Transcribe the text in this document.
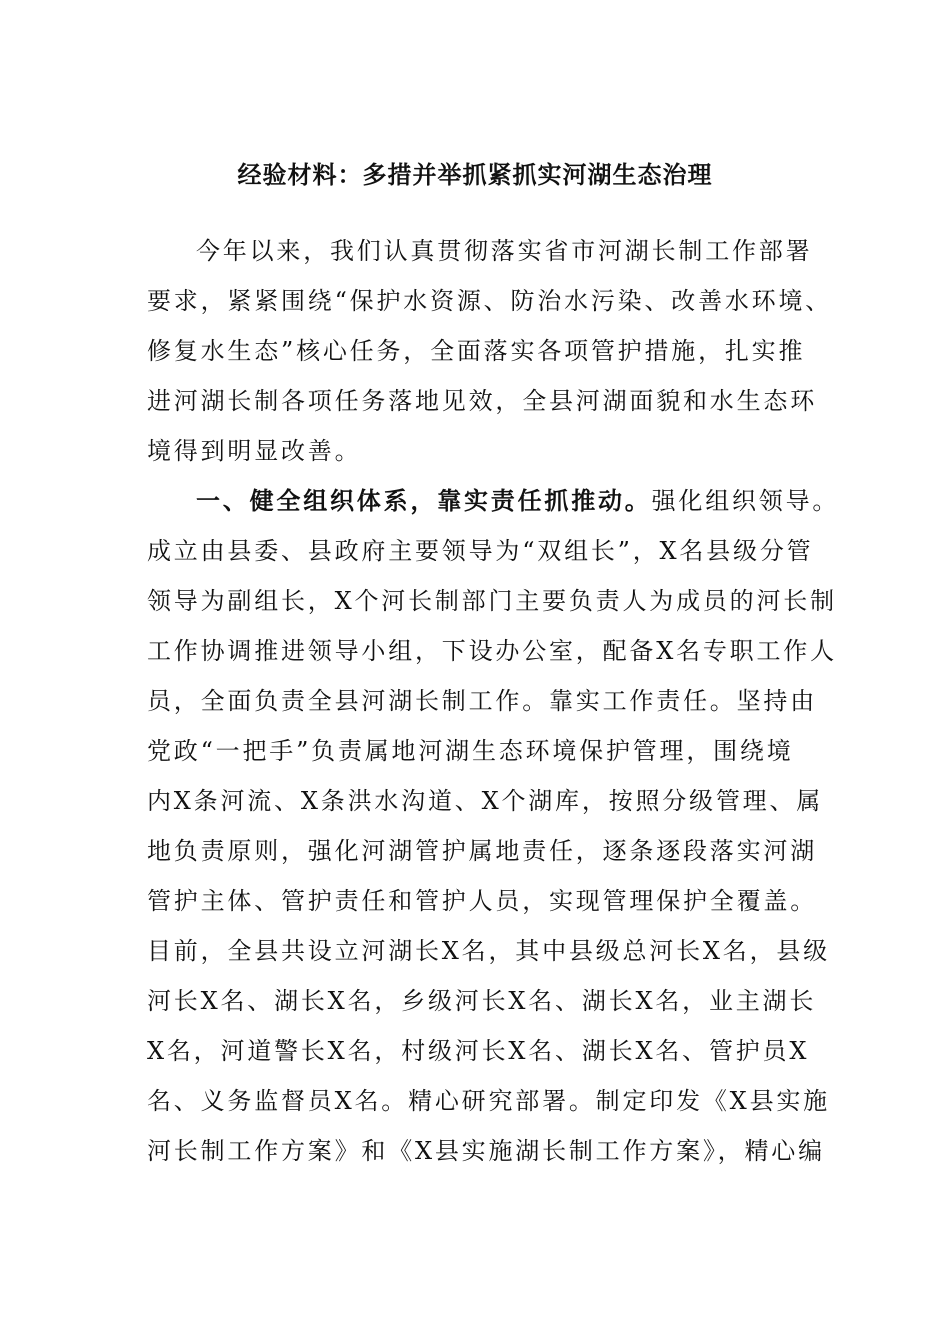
经验材料：多措并举抓紧抓实河湖生态治理
今年以来，我们认真贯彻落实省市河湖长制工作部署
要求，紧紧围绕“保护水资源、防治水污染、改善水环境、
修复水生态”核心任务，全面落实各项管护措施，扎实推
进河湖长制各项任务落地见效，全县河湖面貌和水生态环
境得到明显改善。
一、健全组织体系，靠实责任抓推动。强化组织领导。
成立由县委、县政府主要领导为“双组长”，X名县级分管
领导为副组长，X个河长制部门主要负责人为成员的河长制
工作协调推进领导小组，下设办公室，配备X名专职工作人
员，全面负责全县河湖长制工作。靠实工作责任。坚持由
党政“一把手”负责属地河湖生态环境保护管理，围绕境
内X条河流、X条洪水沟道、X个湖库，按照分级管理、属
地负责原则，强化河湖管护属地责任，逐条逐段落实河湖
管护主体、管护责任和管护人员，实现管理保护全覆盖。
目前，全县共设立河湖长X名，其中县级总河长X名，县级
河长X名、湖长X名，乡级河长X名、湖长X名，业主湖长
X名，河道警长X名，村级河长X名、湖长X名、管护员X
名、义务监督员X名。精心研究部署。制定印发《X县实施
河长制工作方案》和《X县实施湖长制工作方案》，精心编
